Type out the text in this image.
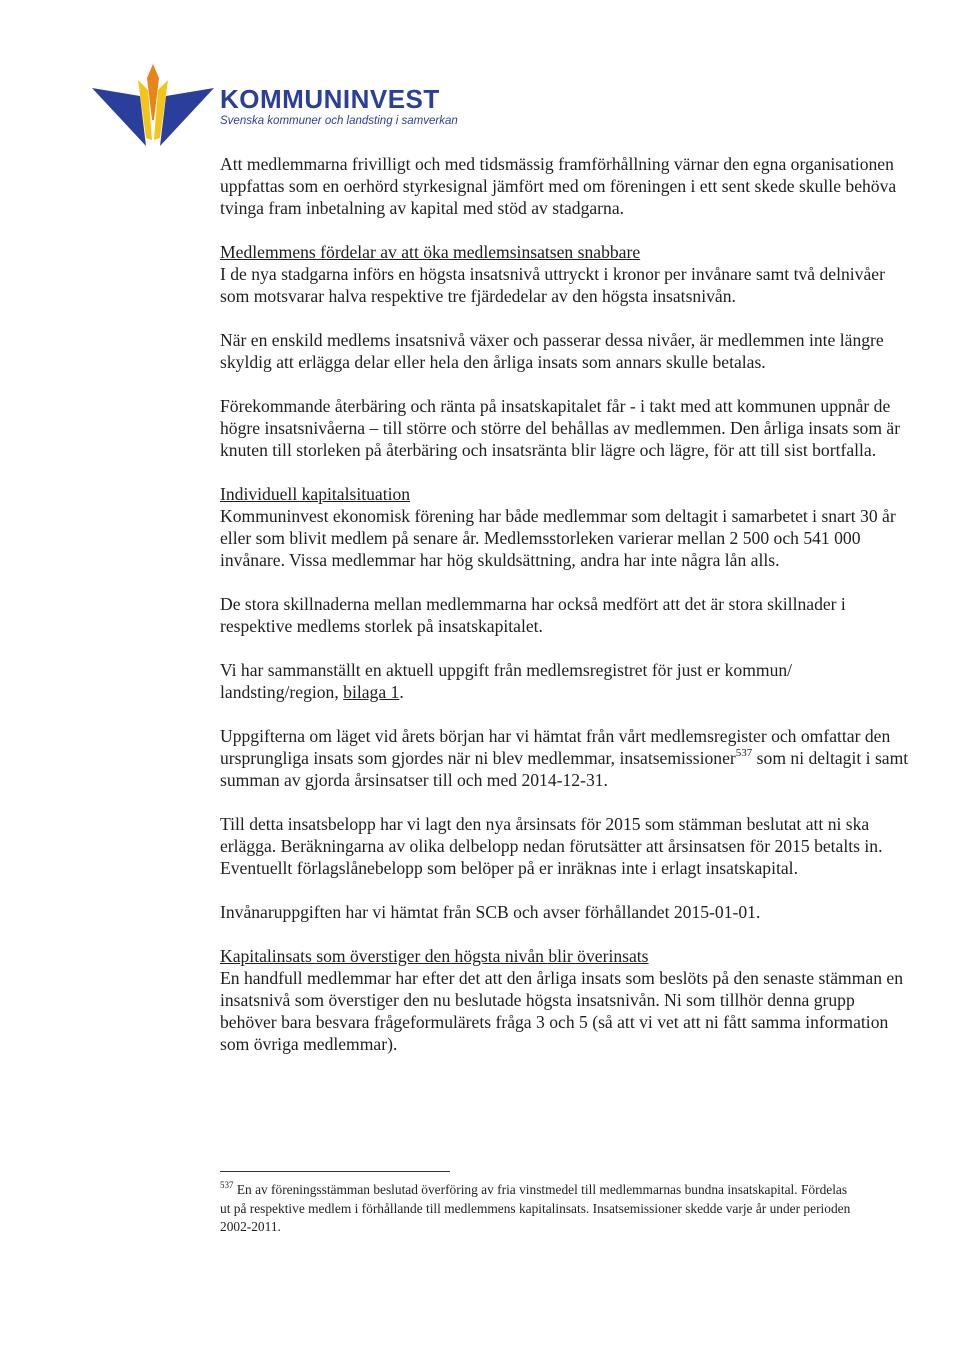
KOMMUNINVEST
Svenska kommuner och landsting i samverkan

Att medlemmarna frivilligt och med tidsmässig framförhållning värnar den egna organisationen uppfattas som en oerhörd styrkesignal jämfört med om föreningen i ett sent skede skulle behöva tvinga fram inbetalning av kapital med stöd av stadgarna.

Medlemmens fördelar av att öka medlemsinsatsen snabbare
I de nya stadgarna införs en högsta insatsnivå uttryckt i kronor per invånare samt två delnivåer som motsvarar halva respektive tre fjärdedelar av den högsta insatsnivån.

När en enskild medlems insatsnivå växer och passerar dessa nivåer, är medlemmen inte längre skyldig att erlägga delar eller hela den årliga insats som annars skulle betalas.

Förekommande återbäring och ränta på insatskapitalet får - i takt med att kommunen uppnår de högre insatsnivåerna – till större och större del behållas av medlemmen. Den årliga insats som är knuten till storleken på återbäring och insatsränta blir lägre och lägre, för att till sist bortfalla.

Individuell kapitalsituation
Kommuninvest ekonomisk förening har både medlemmar som deltagit i samarbetet i snart 30 år eller som blivit medlem på senare år. Medlemsstorleken varierar mellan 2 500 och 541 000 invånare. Vissa medlemmar har hög skuldsättning, andra har inte några lån alls.

De stora skillnaderna mellan medlemmarna har också medfört att det är stora skillnader i respektive medlems storlek på insatskapitalet.

Vi har sammanställt en aktuell uppgift från medlemsregistret för just er kommun/ landsting/region, bilaga 1.

Uppgifterna om läget vid årets början har vi hämtat från vårt medlemsregister och omfattar den ursprungliga insats som gjordes när ni blev medlemmar, insatsemissioner$^{537}$ som ni deltagit i samt summan av gjorda årsinsatser till och med 2014-12-31.

Till detta insatsbelopp har vi lagt den nya årsinsats för 2015 som stämman beslutat att ni ska erlägga. Beräkningarna av olika delbelopp nedan förutsätter att årsinsatsen för 2015 betalts in. Eventuellt förlagslånebelopp som belöper på er inräknas inte i erlagt insatskapital.

Invånaruppgiften har vi hämtat från SCB och avser förhållandet 2015-01-01.

Kapitalinsats som överstiger den högsta nivån blir överinsats
En handfull medlemmar har efter det att den årliga insats som beslöts på den senaste stämman en insatsnivå som överstiger den nu beslutade högsta insatsnivån. Ni som tillhör denna grupp behöver bara besvara frågeformulärets fråga 3 och 5 (så att vi vet att ni fått samma information som övriga medlemmar).

$^{537}$ En av föreningsstämman beslutad överföring av fria vinstmedel till medlemmarnas bundna insatskapital. Fördelas ut på respektive medlem i förhållande till medlemmens kapitalinsats. Insatsemissioner skedde varje år under perioden 2002-2011.
